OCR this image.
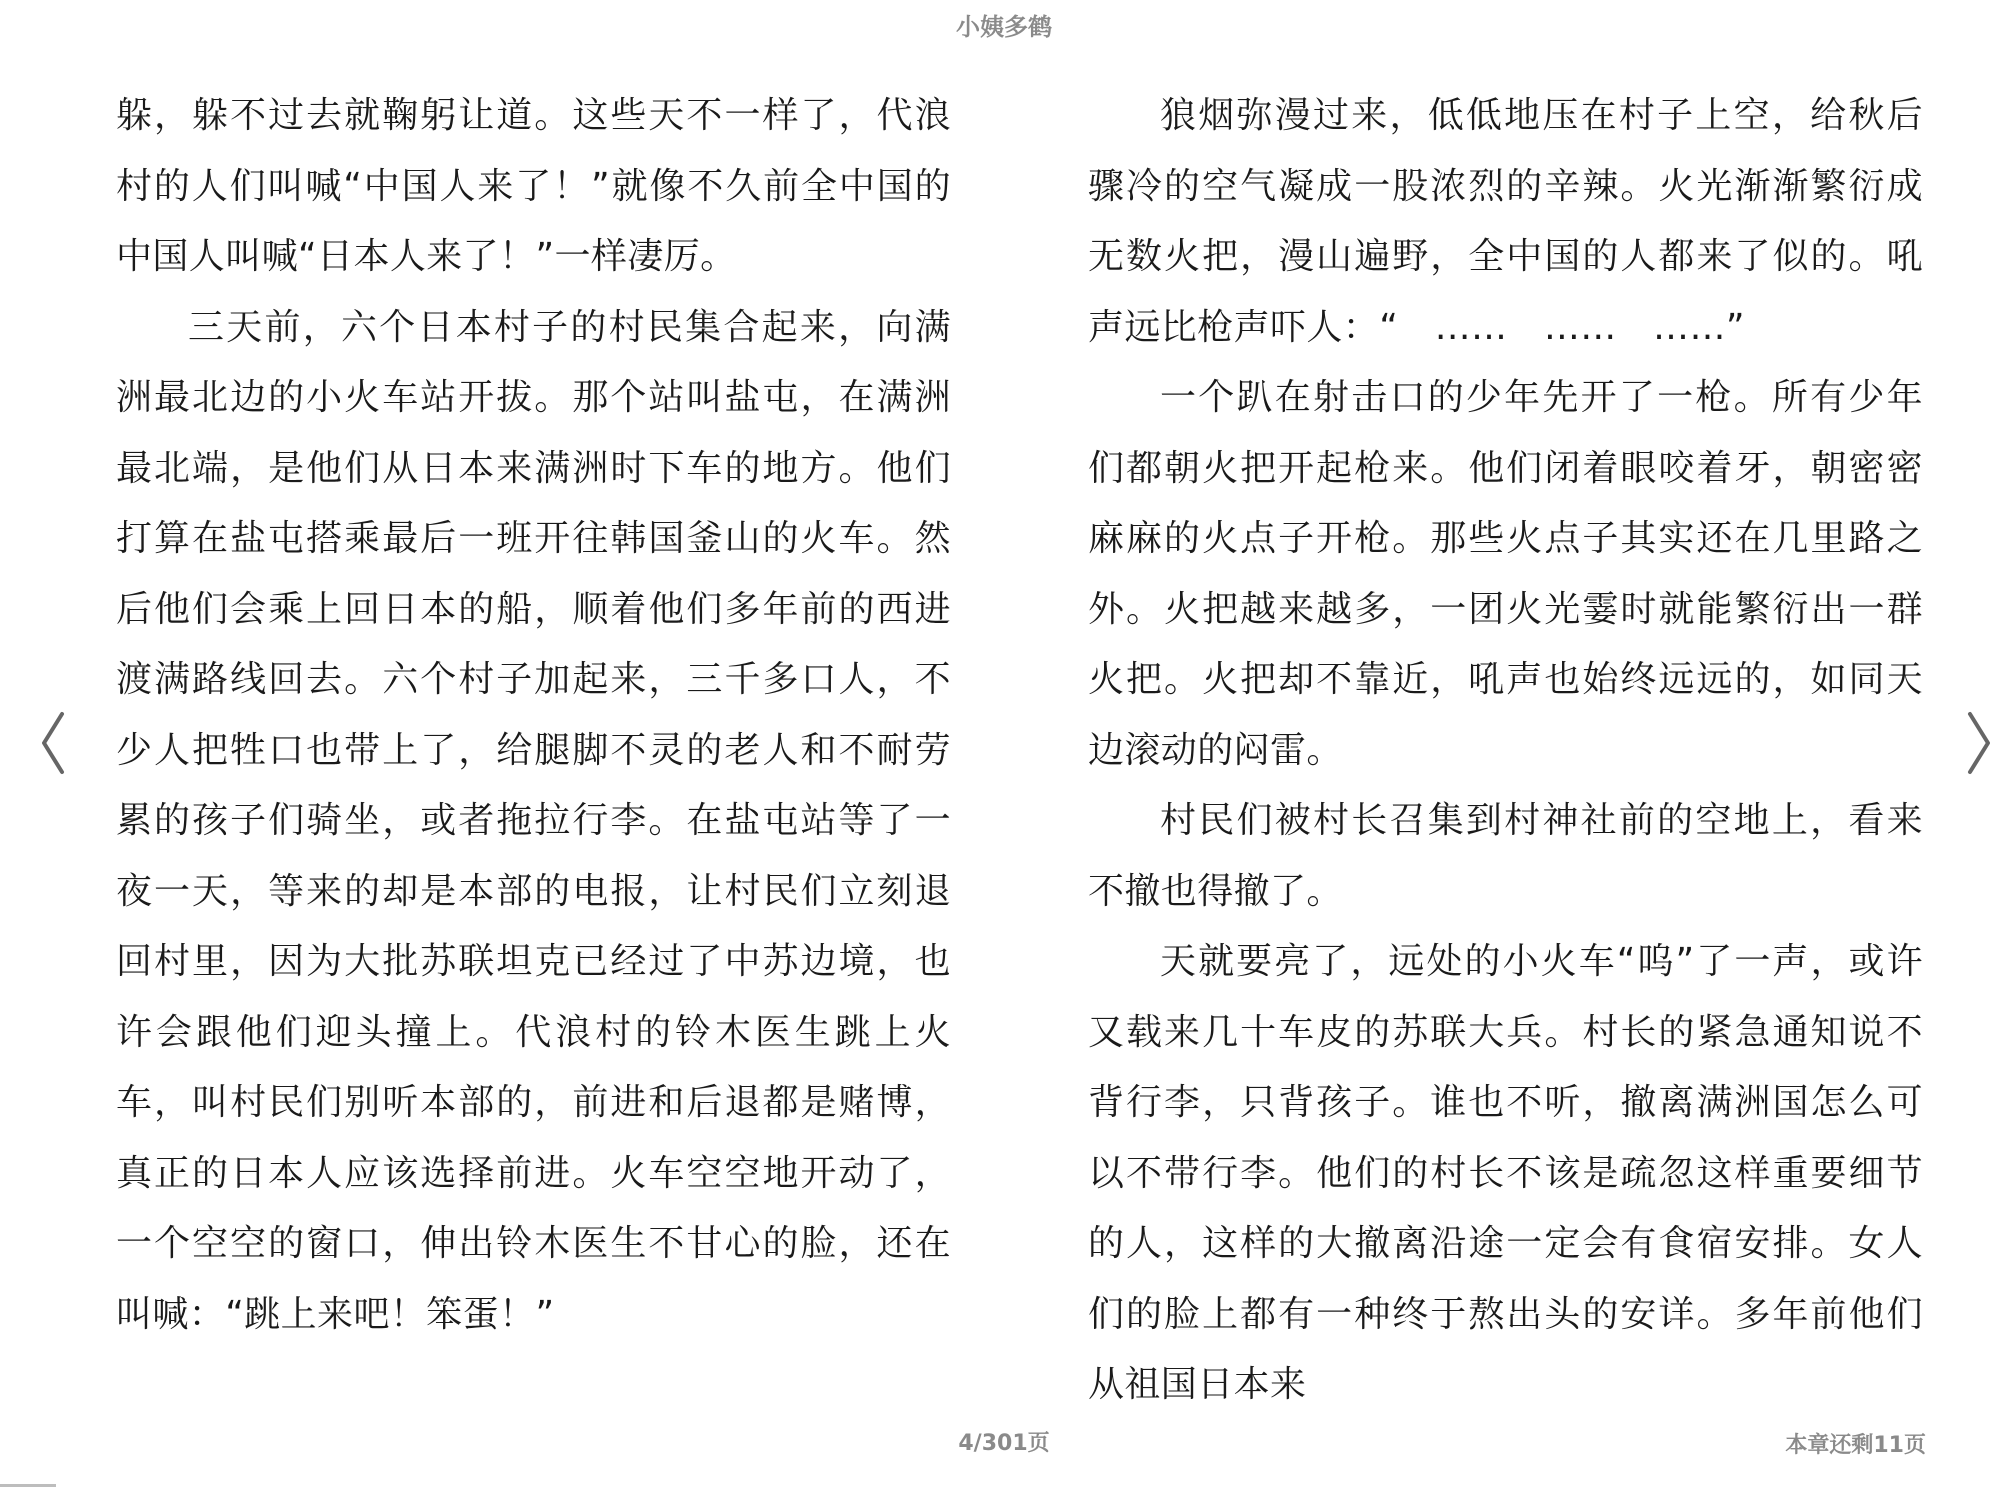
小姨多鹤

躲，躲不过去就鞠躬让道。这些天不一样了，代浪村的人们叫喊“中国人来了！”就像不久前全中国的中国人叫喊“日本人来了！”一样凄厉。

三天前，六个日本村子的村民集合起来，向满洲最北边的小火车站开拔。那个站叫盐屯，在满洲最北端，是他们从日本来满洲时下车的地方。他们打算在盐屯搭乘最后一班开往韩国釜山的火车。然后他们会乘上回日本的船，顺着他们多年前的西进渡满路线回去。六个村子加起来，三千多口人，不少人把牲口也带上了，给腿脚不灵的老人和不耐劳累的孩子们骑坐，或者拖拉行李。在盐屯站等了一夜一天，等来的却是本部的电报，让村民们立刻退回村里，因为大批苏联坦克已经过了中苏边境，也许会跟他们迎头撞上。代浪村的铃木医生跳上火车，叫村民们别听本部的，前进和后退都是赌博，真正的日本人应该选择前进。火车空空地开动了，一个空空的窗口，伸出铃木医生不甘心的脸，还在叫喊：“跳上来吧！笨蛋！”

狼烟弥漫过来，低低地压在村子上空，给秋后骤冷的空气凝成一股浓烈的辛辣。火光渐渐繁衍成无数火把，漫山遍野，全中国的人都来了似的。吼声远比枪声吓人：“　……　……　……”

一个趴在射击口的少年先开了一枪。所有少年们都朝火把开起枪来。他们闭着眼咬着牙，朝密密麻麻的火点子开枪。那些火点子其实还在几里路之外。火把越来越多，一团火光霎时就能繁衍出一群火把。火把却不靠近，吼声也始终远远的，如同天边滚动的闷雷。

村民们被村长召集到村神社前的空地上，看来不撤也得撤了。

天就要亮了，远处的小火车“呜”了一声，或许又载来几十车皮的苏联大兵。村长的紧急通知说不背行李，只背孩子。谁也不听，撤离满洲国怎么可以不带行李。他们的村长不该是疏忽这样重要细节的人，这样的大撤离沿途一定会有食宿安排。女人们的脸上都有一种终于熬出头的安详。多年前他们从祖国日本来

4/301页	本章还剩11页
